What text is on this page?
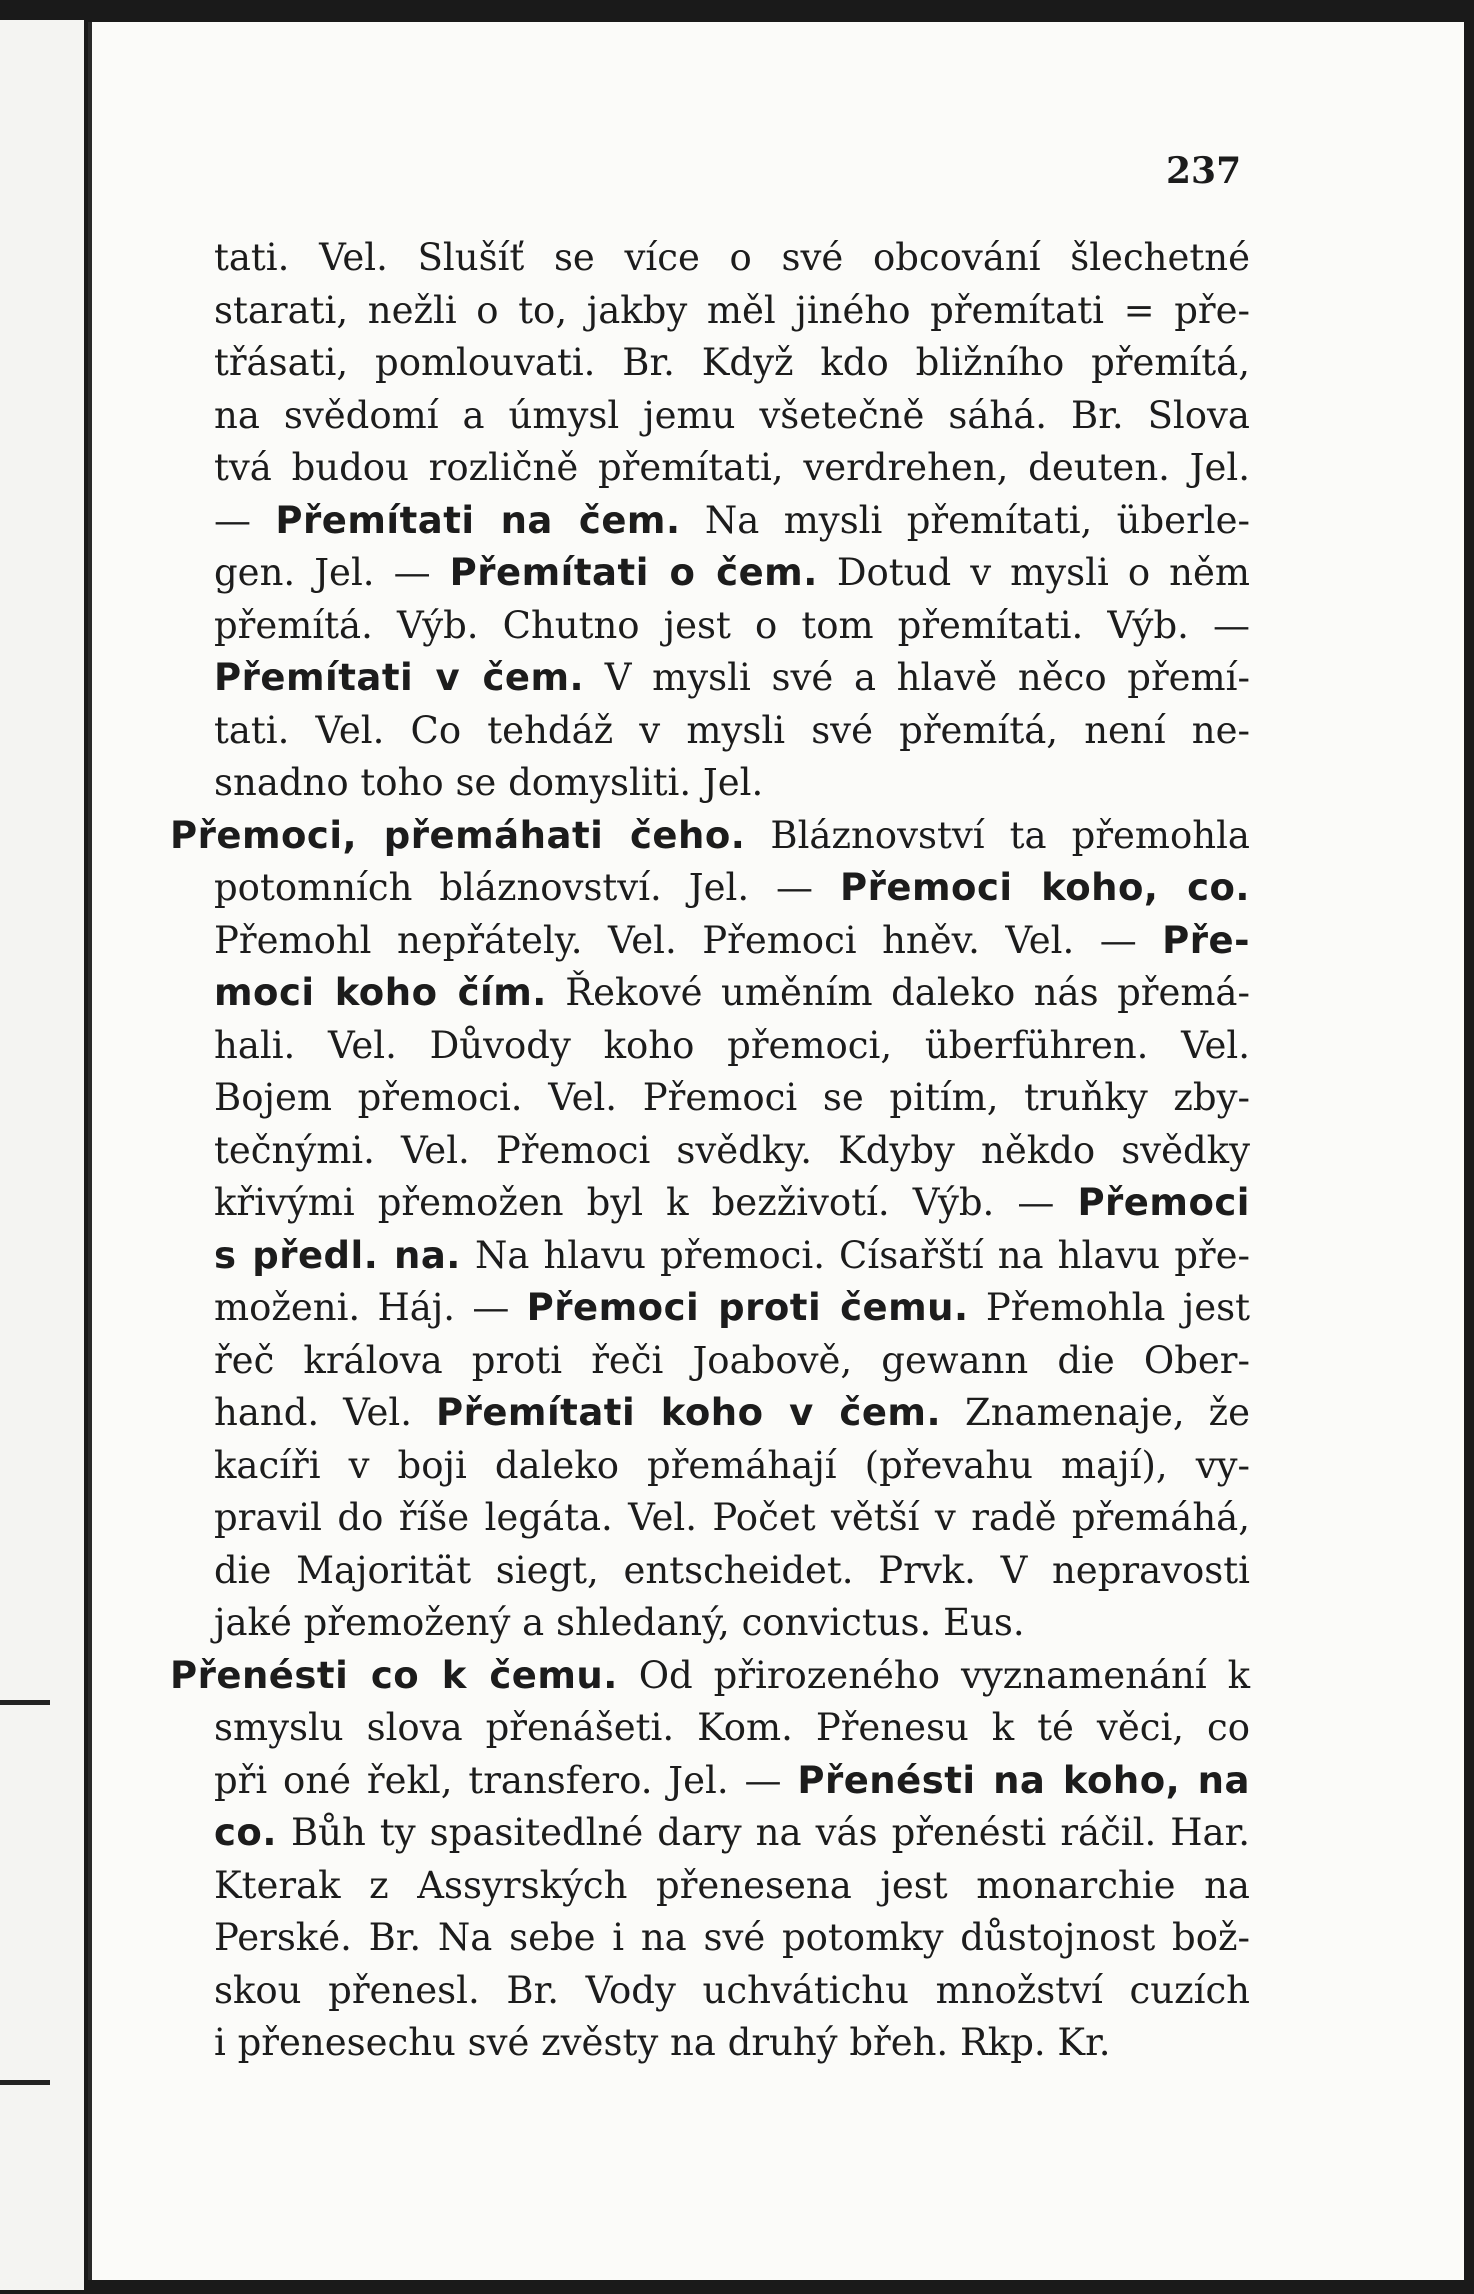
237
tati. Vel. Slušíť se více o své obcování šlechetné
starati, nežli o to, jakby měl jiného přemítati = pře-
třásati, pomlouvati. Br. Když kdo bližního přemítá,
na svědomí a úmysl jemu všetečně sáhá. Br. Slova
tvá budou rozličně přemítati, verdrehen, deuten. Jel.
— Přemítati na čem. Na mysli přemítati, überle-
gen. Jel. — Přemítati o čem. Dotud v mysli o něm
přemítá. Výb. Chutno jest o tom přemítati. Výb. —
Přemítati v čem. V mysli své a hlavě něco přemí-
tati. Vel. Co tehdáž v mysli své přemítá, není ne-
snadno toho se domysliti. Jel.
Přemoci, přemáhati čeho. Bláznovství ta přemohla
potomních bláznovství. Jel. — Přemoci koho, co.
Přemohl nepřátely. Vel. Přemoci hněv. Vel. — Pře-
moci koho čím. Řekové uměním daleko nás přemá-
hali. Vel. Důvody koho přemoci, überführen. Vel.
Bojem přemoci. Vel. Přemoci se pitím, truňky zby-
tečnými. Vel. Přemoci svědky. Kdyby někdo svědky
křivými přemožen byl k bezživotí. Výb. — Přemoci
s předl. na. Na hlavu přemoci. Císařští na hlavu pře-
moženi. Háj. — Přemoci proti čemu. Přemohla jest
řeč králova proti řeči Joabově, gewann die Ober-
hand. Vel. Přemítati koho v čem. Znamenaje, že
kacíři v boji daleko přemáhají (převahu mají), vy-
pravil do říše legáta. Vel. Počet větší v radě přemáhá,
die Majorität siegt, entscheidet. Prvk. V nepravosti
jaké přemožený a shledaný, convictus. Eus.
Přenésti co k čemu. Od přirozeného vyznamenání k
smyslu slova přenášeti. Kom. Přenesu k té věci, co
při oné řekl, transfero. Jel. — Přenésti na koho, na
co. Bůh ty spasitedlné dary na vás přenésti ráčil. Har.
Kterak z Assyrských přenesena jest monarchie na
Perské. Br. Na sebe i na své potomky důstojnost bož-
skou přenesl. Br. Vody uchvátichu množství cuzích
i přenesechu své zvěsty na druhý břeh. Rkp. Kr.
